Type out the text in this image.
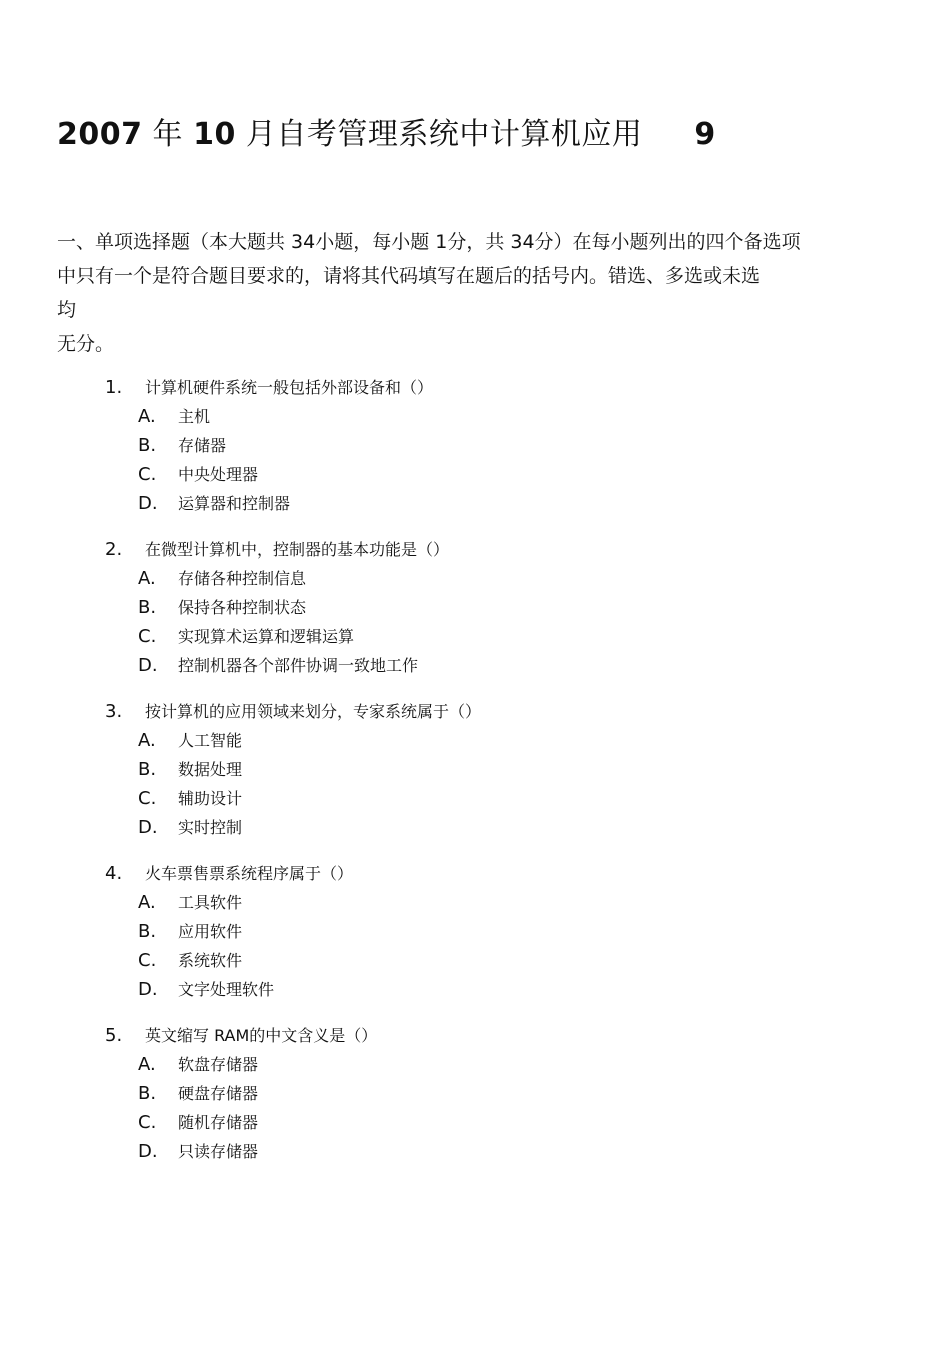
2007 年 10 月自考管理系统中计算机应用 9
一、单项选择题（本大题共 34小题，每小题 1分，共 34分）在每小题列出的四个备选项
中只有一个是符合题目要求的，请将其代码填写在题后的括号内。错选、多选或未选
均
无分。
1.	计算机硬件系统一般包括外部设备和（）
A.	主机
B.	存储器
C.	中央处理器
D.	运算器和控制器
2.	在微型计算机中，控制器的基本功能是（）
A.	存储各种控制信息
B.	保持各种控制状态
C.	实现算术运算和逻辑运算
D.	控制机器各个部件协调一致地工作
3.	按计算机的应用领域来划分，专家系统属于（）
A.	人工智能
B.	数据处理
C.	辅助设计
D.	实时控制
4.	火车票售票系统程序属于（）
A.	工具软件
B.	应用软件
C.	系统软件
D.	文字处理软件
5.	英文缩写 RAM的中文含义是（）
A.	软盘存储器
B.	硬盘存储器
C.	随机存储器
D.	只读存储器
